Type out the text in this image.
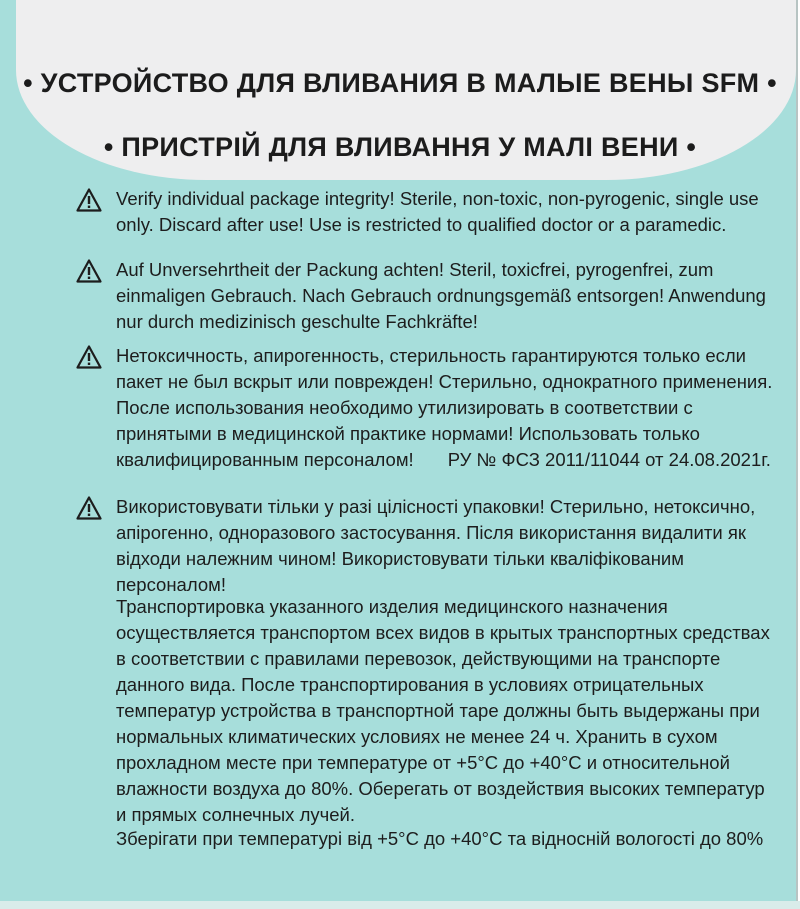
• УСТРОЙСТВО ДЛЯ ВЛИВАНИЯ В МАЛЫЕ ВЕНЫ SFM •
• ПРИСТРІЙ ДЛЯ ВЛИВАННЯ У МАЛІ ВЕНИ •
Verify individual package integrity! Sterile, non-toxic, non-pyrogenic, single use only. Discard after use! Use is restricted to qualified doctor or a paramedic.
Auf Unversehrtheit der Packung achten! Steril, toxicfrei, pyrogenfrei, zum einmaligen Gebrauch. Nach Gebrauch ordnungsgemäß entsorgen! Anwendung nur durch medizinisch geschulte Fachkräfte!
Нетоксичность, апирогенность, стерильность гарантируются только если пакет не был вскрыт или поврежден! Стерильно, однократного применения. После использования необходимо утилизировать в соответствии с принятыми в медицинской практике нормами! Использовать только квалифицированным персоналом! РУ № ФСЗ 2011/11044 от 24.08.2021г.
Використовувати тільки у разі цілісності упаковки! Стерильно, нетоксично, апірогенно, одноразового застосування. Після використання видалити як відходи належним чином! Використовувати тільки кваліфікованим персоналом!
Транспортировка указанного изделия медицинского назначения осуществляется транспортом всех видов в крытых транспортных средствах в соответствии с правилами перевозок, действующими на транспорте данного вида. После транспортирования в условиях отрицательных температур устройства в транспортной таре должны быть выдержаны при нормальных климатических условиях не менее 24 ч. Хранить в сухом прохладном месте при температуре от +5°С до +40°С и относительной влажности воздуха до 80%. Оберегать от воздействия высоких температур и прямых солнечных лучей.
Зберігати при температурі від +5°С до +40°С та відносній вологості до 80%
